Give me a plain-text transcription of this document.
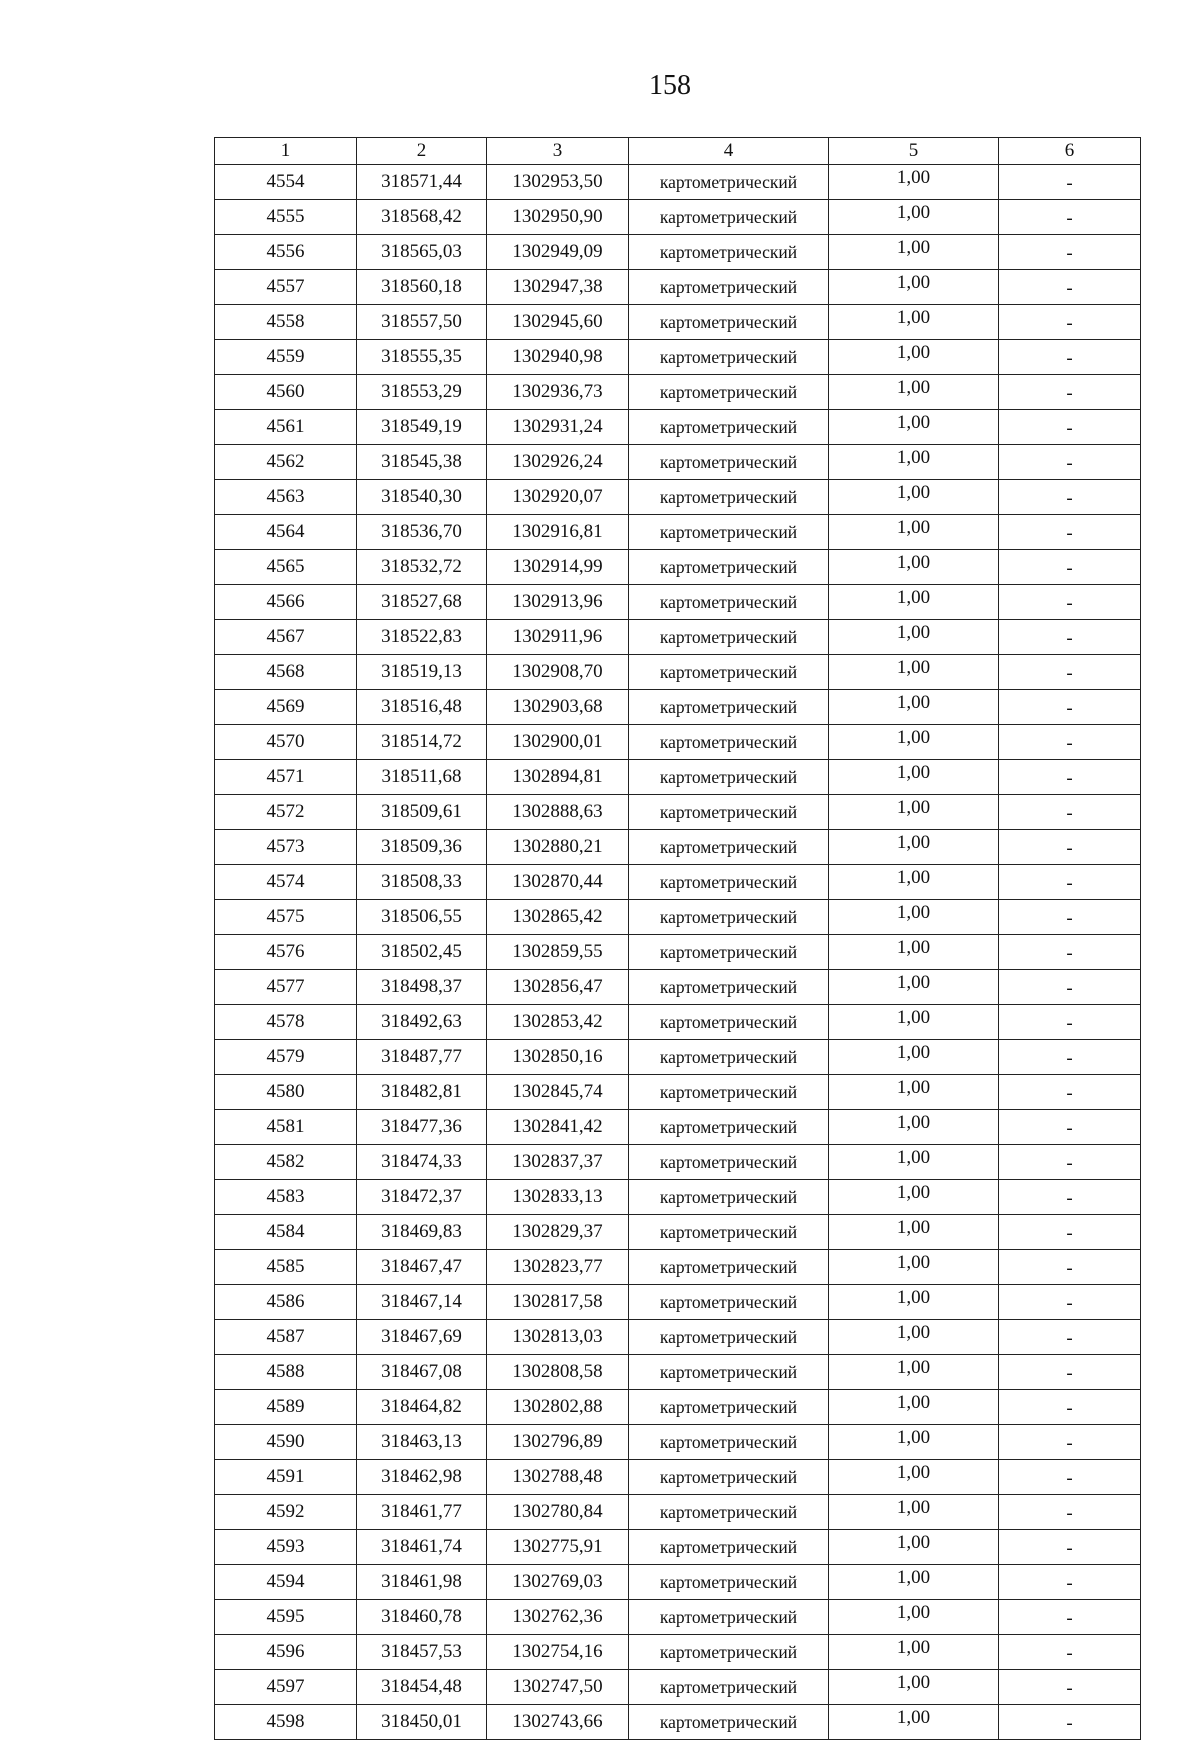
158
1	2	3	4	5	6
4554	318571,44	1302953,50	картометрический	1,00	-
4555	318568,42	1302950,90	картометрический	1,00	-
4556	318565,03	1302949,09	картометрический	1,00	-
4557	318560,18	1302947,38	картометрический	1,00	-
4558	318557,50	1302945,60	картометрический	1,00	-
4559	318555,35	1302940,98	картометрический	1,00	-
4560	318553,29	1302936,73	картометрический	1,00	-
4561	318549,19	1302931,24	картометрический	1,00	-
4562	318545,38	1302926,24	картометрический	1,00	-
4563	318540,30	1302920,07	картометрический	1,00	-
4564	318536,70	1302916,81	картометрический	1,00	-
4565	318532,72	1302914,99	картометрический	1,00	-
4566	318527,68	1302913,96	картометрический	1,00	-
4567	318522,83	1302911,96	картометрический	1,00	-
4568	318519,13	1302908,70	картометрический	1,00	-
4569	318516,48	1302903,68	картометрический	1,00	-
4570	318514,72	1302900,01	картометрический	1,00	-
4571	318511,68	1302894,81	картометрический	1,00	-
4572	318509,61	1302888,63	картометрический	1,00	-
4573	318509,36	1302880,21	картометрический	1,00	-
4574	318508,33	1302870,44	картометрический	1,00	-
4575	318506,55	1302865,42	картометрический	1,00	-
4576	318502,45	1302859,55	картометрический	1,00	-
4577	318498,37	1302856,47	картометрический	1,00	-
4578	318492,63	1302853,42	картометрический	1,00	-
4579	318487,77	1302850,16	картометрический	1,00	-
4580	318482,81	1302845,74	картометрический	1,00	-
4581	318477,36	1302841,42	картометрический	1,00	-
4582	318474,33	1302837,37	картометрический	1,00	-
4583	318472,37	1302833,13	картометрический	1,00	-
4584	318469,83	1302829,37	картометрический	1,00	-
4585	318467,47	1302823,77	картометрический	1,00	-
4586	318467,14	1302817,58	картометрический	1,00	-
4587	318467,69	1302813,03	картометрический	1,00	-
4588	318467,08	1302808,58	картометрический	1,00	-
4589	318464,82	1302802,88	картометрический	1,00	-
4590	318463,13	1302796,89	картометрический	1,00	-
4591	318462,98	1302788,48	картометрический	1,00	-
4592	318461,77	1302780,84	картометрический	1,00	-
4593	318461,74	1302775,91	картометрический	1,00	-
4594	318461,98	1302769,03	картометрический	1,00	-
4595	318460,78	1302762,36	картометрический	1,00	-
4596	318457,53	1302754,16	картометрический	1,00	-
4597	318454,48	1302747,50	картометрический	1,00	-
4598	318450,01	1302743,66	картометрический	1,00	-
